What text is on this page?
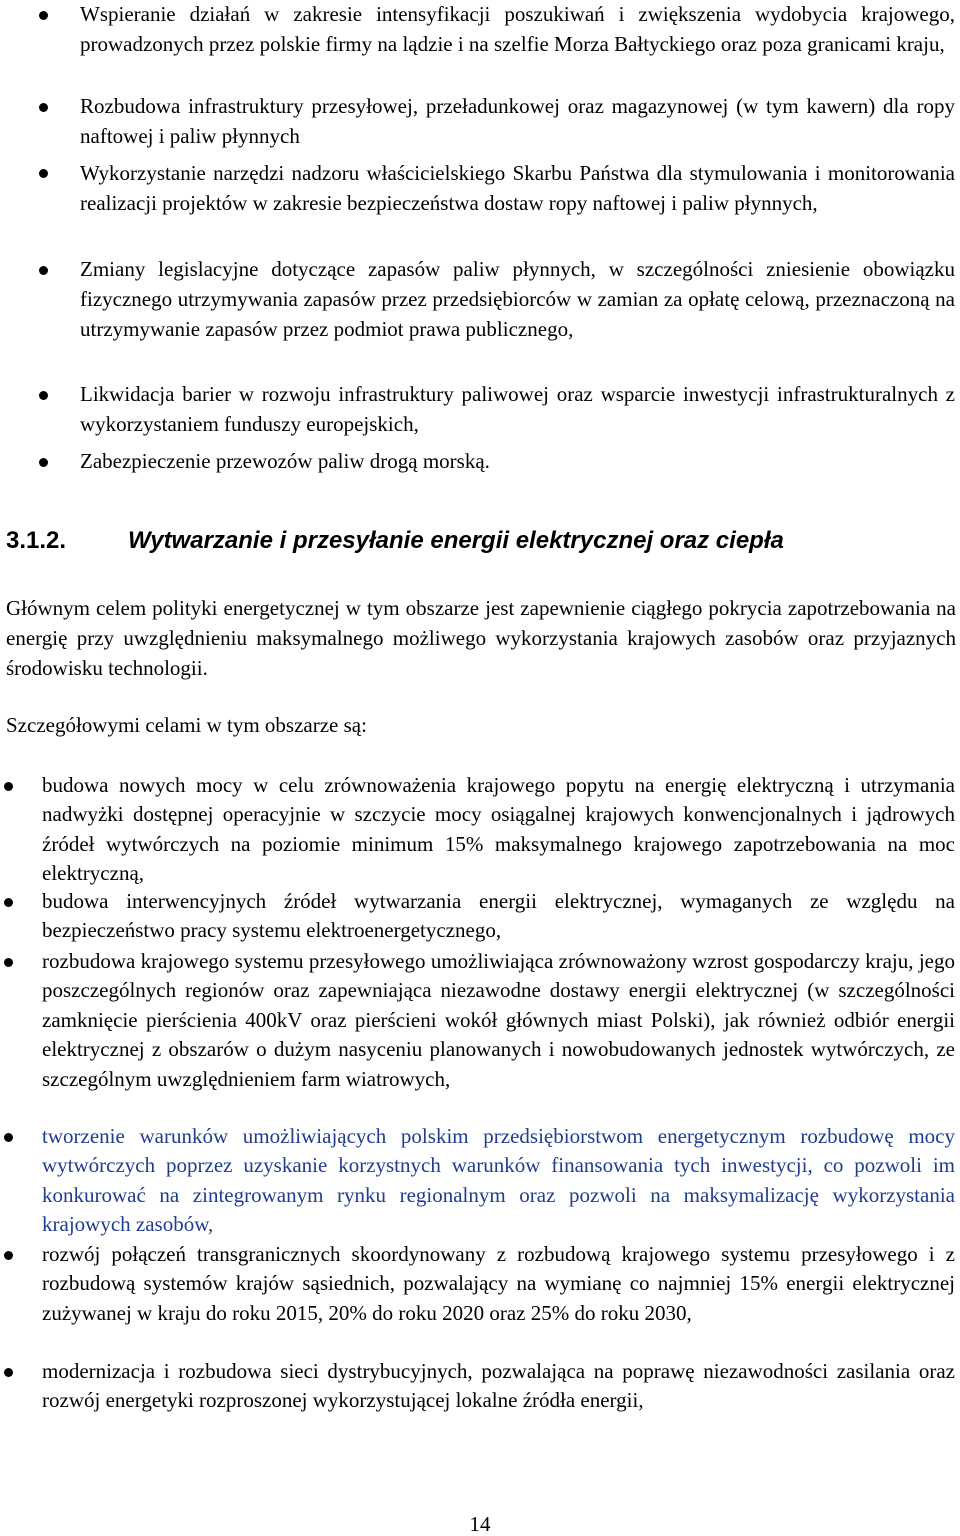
Wspieranie działań w zakresie intensyfikacji poszukiwań i zwiększenia wydobycia krajowego, prowadzonych przez polskie firmy na lądzie i na szelfie Morza Bałtyckiego oraz poza granicami kraju,
Rozbudowa infrastruktury przesyłowej, przeładunkowej oraz magazynowej (w tym kawern) dla ropy naftowej i paliw płynnych
Wykorzystanie narzędzi nadzoru właścicielskiego Skarbu Państwa dla stymulowania i monitorowania realizacji projektów w zakresie bezpieczeństwa dostaw ropy naftowej i paliw płynnych,
Zmiany legislacyjne dotyczące zapasów paliw płynnych, w szczególności zniesienie obowiązku fizycznego utrzymywania zapasów przez przedsiębiorców w zamian za opłatę celową, przeznaczoną na utrzymywanie zapasów przez podmiot prawa publicznego,
Likwidacja barier w rozwoju infrastruktury paliwowej oraz wsparcie inwestycji infrastrukturalnych z wykorzystaniem funduszy europejskich,
Zabezpieczenie przewozów paliw drogą morską.
3.1.2.	Wytwarzanie i przesyłanie energii elektrycznej oraz ciepła
Głównym celem polityki energetycznej w tym obszarze jest zapewnienie ciągłego pokrycia zapotrzebowania na energię przy uwzględnieniu maksymalnego możliwego wykorzystania krajowych zasobów oraz przyjaznych środowisku technologii.
Szczegółowymi celami w tym obszarze są:
budowa nowych mocy w celu zrównoważenia krajowego popytu na energię elektryczną i utrzymania nadwyżki dostępnej operacyjnie w szczycie mocy osiągalnej krajowych konwencjonalnych i jądrowych źródeł wytwórczych na poziomie minimum 15% maksymalnego krajowego zapotrzebowania na moc elektryczną,
budowa interwencyjnych źródeł wytwarzania energii elektrycznej, wymaganych ze względu na bezpieczeństwo pracy systemu elektroenergetycznego,
rozbudowa krajowego systemu przesyłowego umożliwiająca zrównoważony wzrost gospodarczy kraju, jego poszczególnych regionów oraz zapewniająca niezawodne dostawy energii elektrycznej (w szczególności zamknięcie pierścienia 400kV oraz pierścieni wokół głównych miast Polski), jak również odbiór energii elektrycznej z obszarów o dużym nasyceniu planowanych i nowobudowanych jednostek wytwórczych, ze szczególnym uwzględnieniem farm wiatrowych,
tworzenie warunków umożliwiających polskim przedsiębiorstwom energetycznym rozbudowę mocy wytwórczych poprzez uzyskanie korzystnych warunków finansowania tych inwestycji, co pozwoli im konkurować na zintegrowanym rynku regionalnym oraz pozwoli na maksymalizację wykorzystania krajowych zasobów,
rozwój połączeń transgranicznych skoordynowany z rozbudową krajowego systemu przesyłowego i z rozbudową systemów krajów sąsiednich, pozwalający na wymianę co najmniej 15% energii elektrycznej zużywanej w kraju do roku 2015, 20% do roku 2020 oraz 25% do roku 2030,
modernizacja i rozbudowa sieci dystrybucyjnych, pozwalająca na poprawę niezawodności zasilania oraz rozwój energetyki rozproszonej wykorzystującej lokalne źródła energii,
14
